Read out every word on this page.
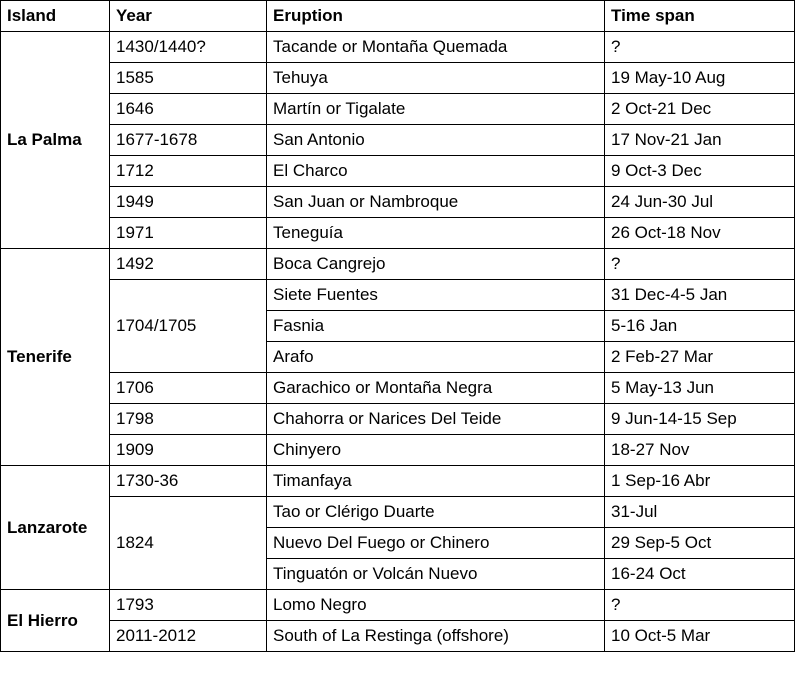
Island	Year	Eruption	Time span
La Palma	1430/1440?	Tacande or Montaña Quemada	?
	1585	Tehuya	19 May-10 Aug
	1646	Martín or Tigalate	2 Oct-21 Dec
	1677-1678	San Antonio	17 Nov-21 Jan
	1712	El Charco	9 Oct-3 Dec
	1949	San Juan or Nambroque	24 Jun-30 Jul
	1971	Teneguía	26 Oct-18 Nov
Tenerife	1492	Boca Cangrejo	?
	1704/1705	Siete Fuentes	31 Dec-4-5 Jan
		Fasnia	5-16 Jan
		Arafo	2 Feb-27 Mar
	1706	Garachico or Montaña Negra	5 May-13 Jun
	1798	Chahorra or Narices Del Teide	9 Jun-14-15 Sep
	1909	Chinyero	18-27 Nov
Lanzarote	1730-36	Timanfaya	1 Sep-16 Abr
	1824	Tao or Clérigo Duarte	31-Jul
		Nuevo Del Fuego or Chinero	29 Sep-5 Oct
		Tinguatón or Volcán Nuevo	16-24 Oct
El Hierro	1793	Lomo Negro	?
	2011-2012	South of La Restinga (offshore)	10 Oct-5 Mar
